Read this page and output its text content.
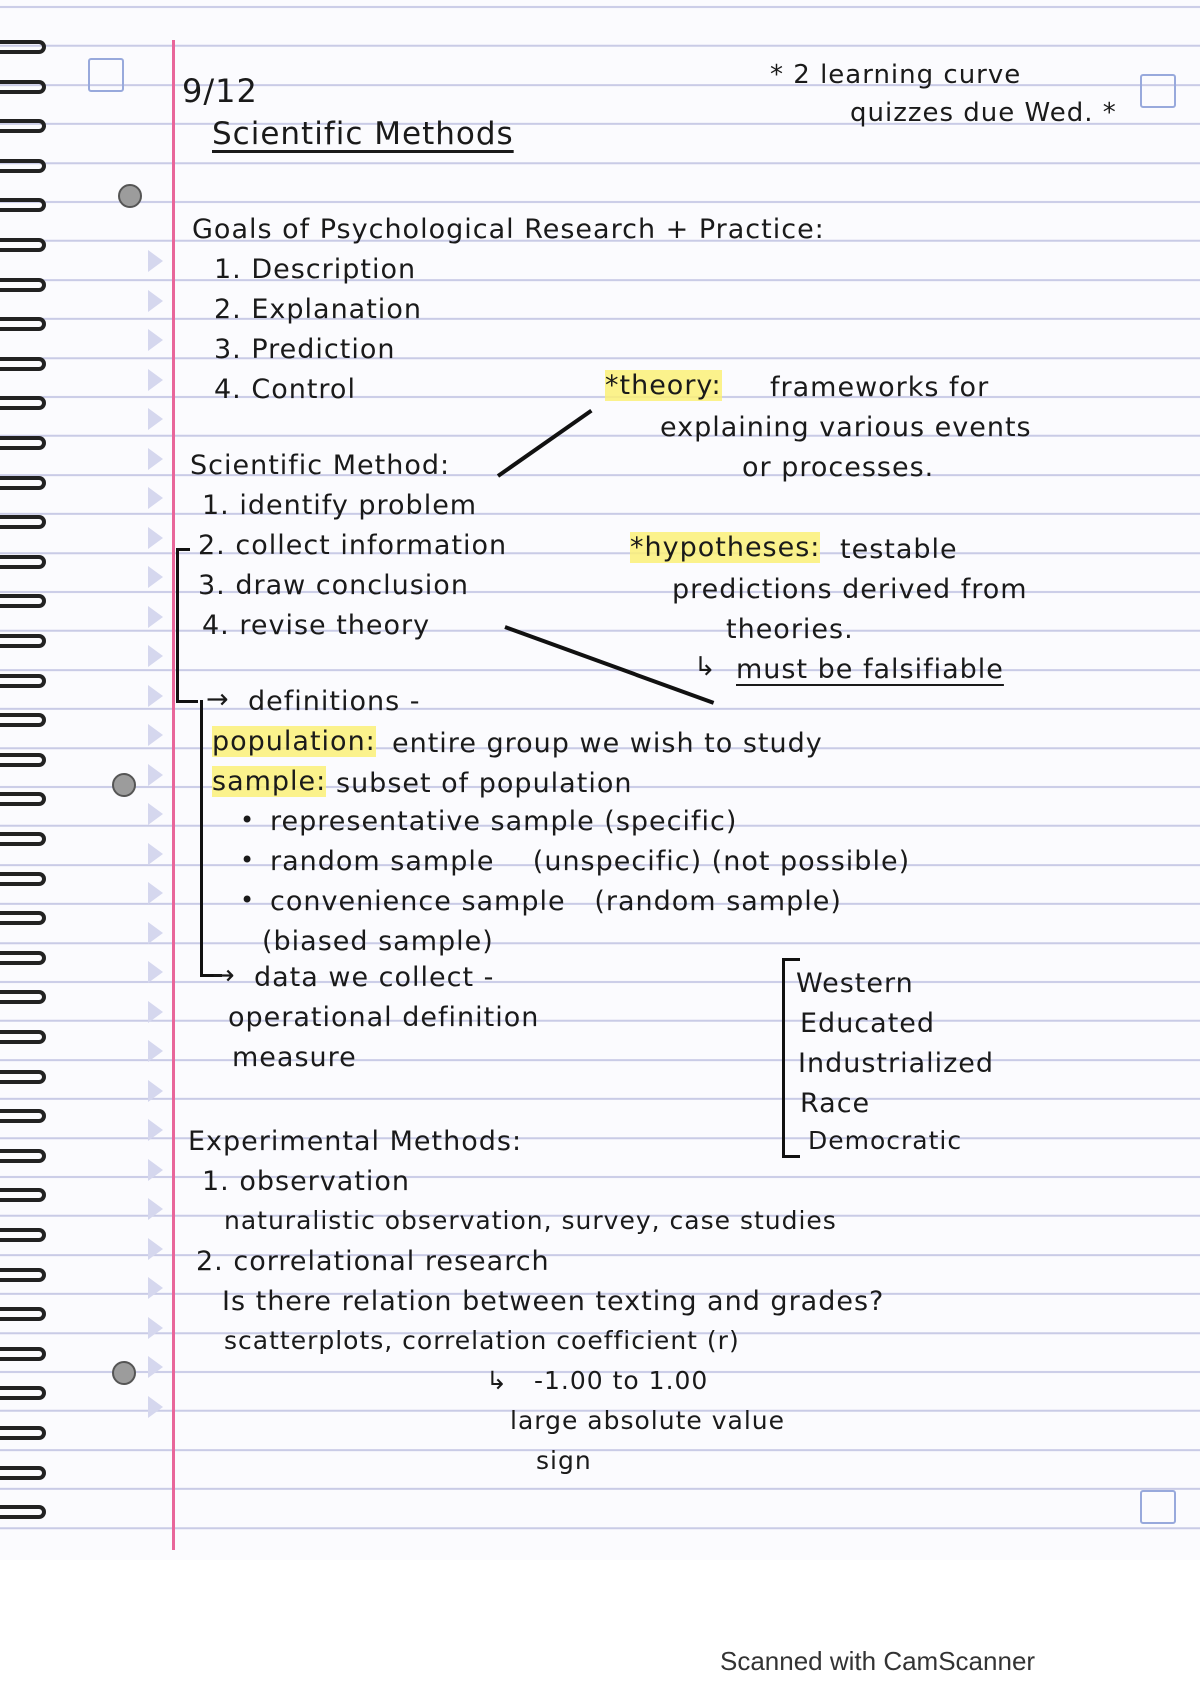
9/12
Scientific Methods
* 2 learning curve
quizzes due Wed. *
Goals of Psychological Research + Practice:
1. Description
2. Explanation
3. Prediction
4. Control	*theory: frameworks for
explaining various events
or processes.
Scientific Method:
1. identify problem
2. collect information
3. draw conclusion
4. revise theory
*hypotheses: testable
predictions derived from
theories.
↳ must be falsifiable
→ definitions -
population: entire group we wish to study
sample: subset of population
• representative sample (specific)
• random sample    (unspecific) (not possible)
• convenience sample   (random sample)
(biased sample)
→ data we collect -
operational definition
measure
Western
Educated
Industrialized
Race
Democratic
Experimental Methods:
1. observation
naturalistic observation, survey, case studies
2. correlational research
Is there relation between texting and grades?
scatterplots, correlation coefficient (r)
↳ -1.00 to 1.00
large absolute value
sign
Scanned with CamScanner
